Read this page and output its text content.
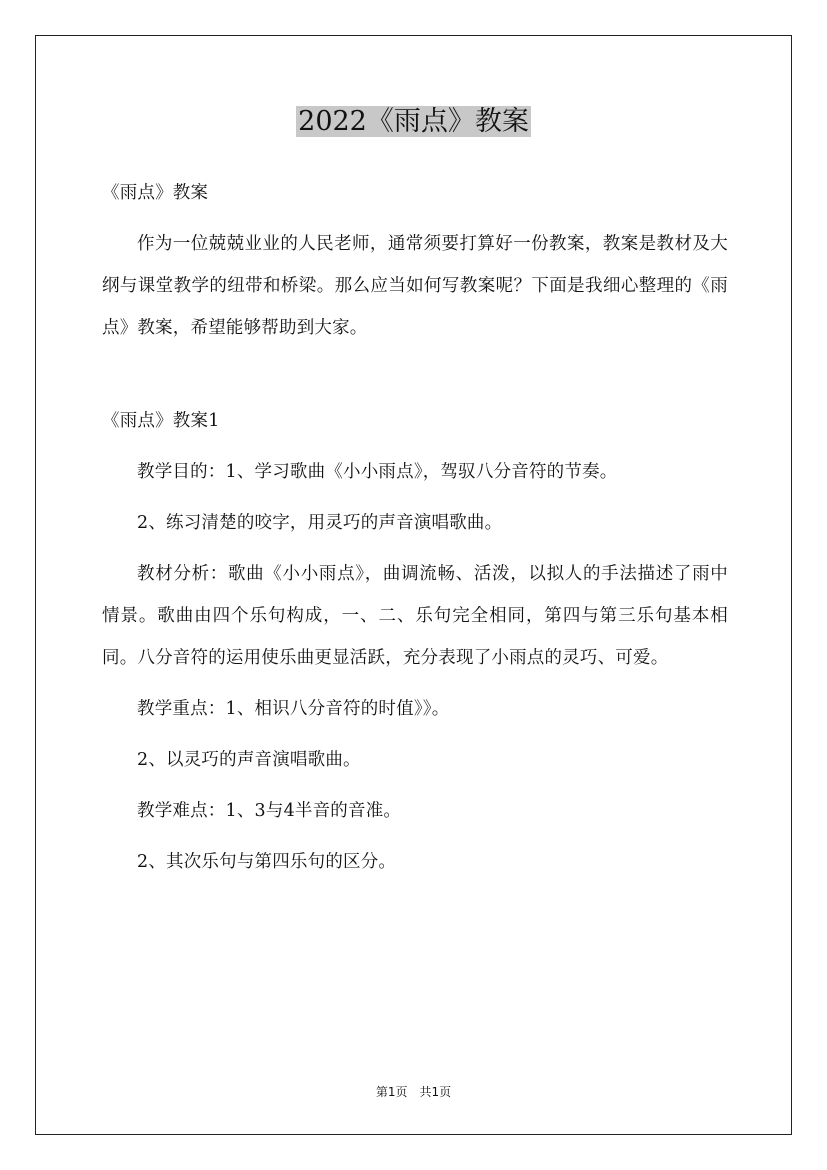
2022《雨点》教案

《雨点》教案

作为一位兢兢业业的人民老师，通常须要打算好一份教案，教案是教材及大纲与课堂教学的纽带和桥梁。那么应当如何写教案呢？下面是我细心整理的《雨点》教案，希望能够帮助到大家。

《雨点》教案1

教学目的：1、学习歌曲《小小雨点》，驾驭八分音符的节奏。

2、练习清楚的咬字，用灵巧的声音演唱歌曲。

教材分析：歌曲《小小雨点》，曲调流畅、活泼，以拟人的手法描述了雨中情景。歌曲由四个乐句构成，一、二、乐句完全相同，第四与第三乐句基本相同。八分音符的运用使乐曲更显活跃，充分表现了小雨点的灵巧、可爱。

教学重点：1、相识八分音符的时值》》。

2、以灵巧的声音演唱歌曲。

教学难点：1、3与4半音的音准。

2、其次乐句与第四乐句的区分。

第1页　共1页
